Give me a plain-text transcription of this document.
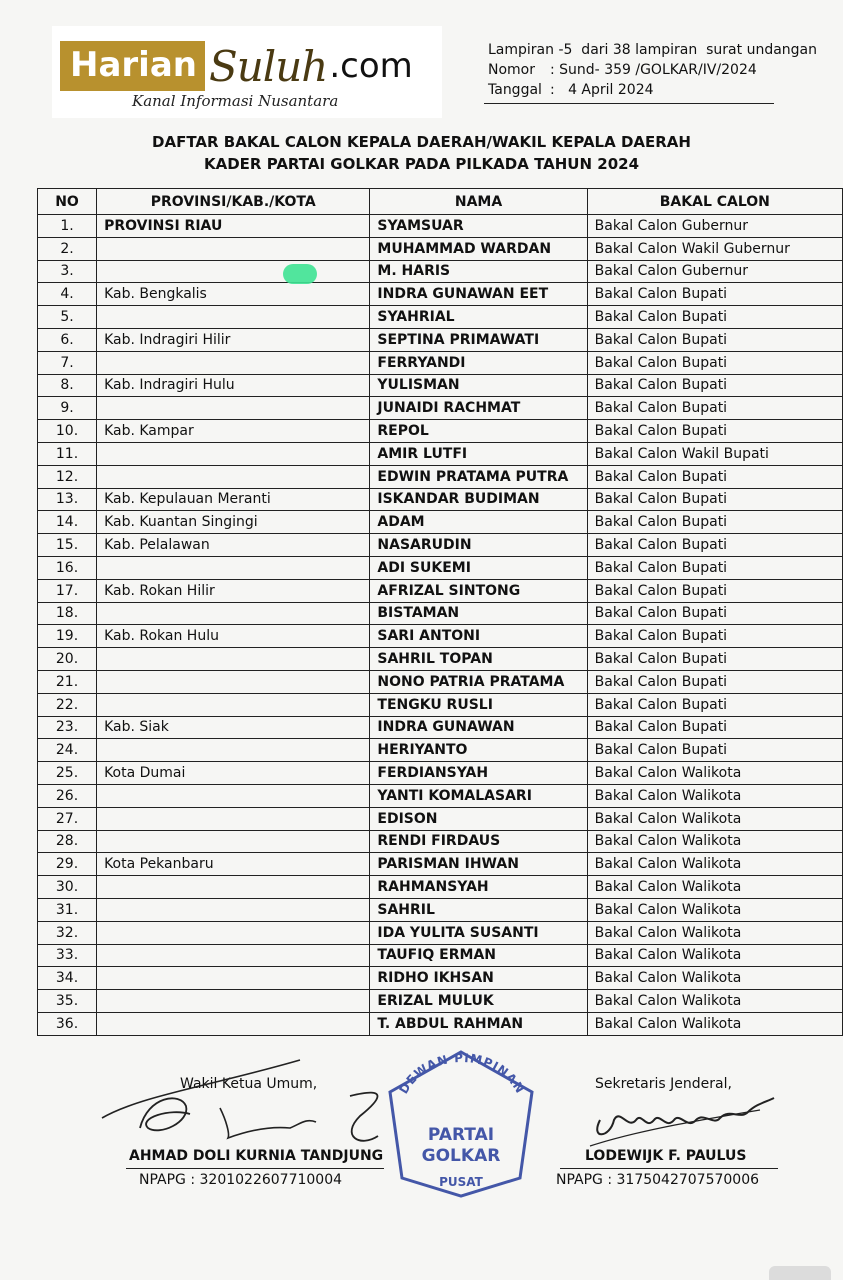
Harian Suluh .com
Kanal Informasi Nusantara
Lampiran -5  dari 38 lampiran  surat undangan
Nomor	: Sund- 359 /GOLKAR/IV/2024
Tanggal :   4 April 2024
DAFTAR BAKAL CALON KEPALA DAERAH/WAKIL KEPALA DAERAH
KADER PARTAI GOLKAR PADA PILKADA TAHUN 2024
NO	PROVINSI/KAB./KOTA	NAMA	BAKAL CALON
1.	PROVINSI RIAU	SYAMSUAR	Bakal Calon Gubernur
2.		MUHAMMAD WARDAN	Bakal Calon Wakil Gubernur
3.		M. HARIS	Bakal Calon Gubernur
4.	Kab. Bengkalis	INDRA GUNAWAN EET	Bakal Calon Bupati
5.		SYAHRIAL	Bakal Calon Bupati
6.	Kab. Indragiri Hilir	SEPTINA PRIMAWATI	Bakal Calon Bupati
7.		FERRYANDI	Bakal Calon Bupati
8.	Kab. Indragiri Hulu	YULISMAN	Bakal Calon Bupati
9.		JUNAIDI RACHMAT	Bakal Calon Bupati
10.	Kab. Kampar	REPOL	Bakal Calon Bupati
11.		AMIR LUTFI	Bakal Calon Wakil Bupati
12.		EDWIN PRATAMA PUTRA	Bakal Calon Bupati
13.	Kab. Kepulauan Meranti	ISKANDAR BUDIMAN	Bakal Calon Bupati
14.	Kab. Kuantan Singingi	ADAM	Bakal Calon Bupati
15.	Kab. Pelalawan	NASARUDIN	Bakal Calon Bupati
16.		ADI SUKEMI	Bakal Calon Bupati
17.	Kab. Rokan Hilir	AFRIZAL SINTONG	Bakal Calon Bupati
18.		BISTAMAN	Bakal Calon Bupati
19.	Kab. Rokan Hulu	SARI ANTONI	Bakal Calon Bupati
20.		SAHRIL TOPAN	Bakal Calon Bupati
21.		NONO PATRIA PRATAMA	Bakal Calon Bupati
22.		TENGKU RUSLI	Bakal Calon Bupati
23.	Kab. Siak	INDRA GUNAWAN	Bakal Calon Bupati
24.		HERIYANTO	Bakal Calon Bupati
25.	Kota Dumai	FERDIANSYAH	Bakal Calon Walikota
26.		YANTI KOMALASARI	Bakal Calon Walikota
27.		EDISON	Bakal Calon Walikota
28.		RENDI FIRDAUS	Bakal Calon Walikota
29.	Kota Pekanbaru	PARISMAN IHWAN	Bakal Calon Walikota
30.		RAHMANSYAH	Bakal Calon Walikota
31.		SAHRIL	Bakal Calon Walikota
32.		IDA YULITA SUSANTI	Bakal Calon Walikota
33.		TAUFIQ ERMAN	Bakal Calon Walikota
34.		RIDHO IKHSAN	Bakal Calon Walikota
35.		ERIZAL MULUK	Bakal Calon Walikota
36.		T. ABDUL RAHMAN	Bakal Calon Walikota
Wakil Ketua Umum,
AHMAD DOLI KURNIA TANDJUNG
NPAPG : 3201022607710004
DEWAN PIMPINAN
PARTAI
GOLKAR
PUSAT
Sekretaris Jenderal,
LODEWIJK F. PAULUS
NPAPG : 3175042707570006
